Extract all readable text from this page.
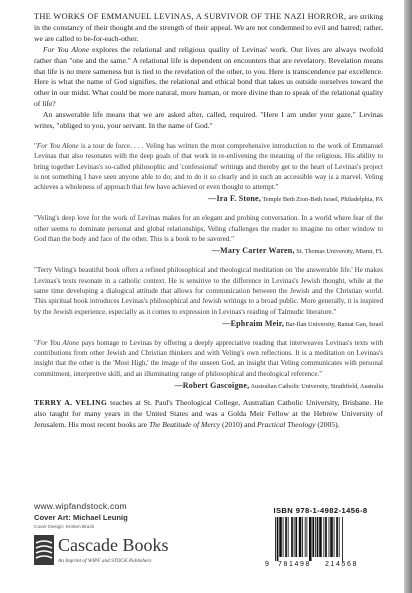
THE WORKS OF EMMANUEL LEVINAS, A SURVIVOR OF THE NAZI HORROR, are striking in the constancy of their thought and the strength of their appeal. We are not condemned to evil and hatred; rather, we are called to be-for-each-other.

For You Alone explores the relational and religious quality of Levinas' work. Our lives are always twofold rather than "one and the same." A relational life is dependent on encounters that are revelatory. Revelation means that life is no mere sameness but is tied to the revelation of the other, to you. Here is transcendence par excellence. Here is what the name of God signifies, the relational and ethical bond that takes us outside ourselves toward the other in our midst. What could be more natural, more human, or more divine than to speak of the relational quality of life?

An answerable life means that we are asked after, called, required. "Here I am under your gaze," Levinas writes, "obliged to you, your servant. In the name of God."

"For You Alone is a tour de force. . . . Veling has written the most comprehensive introduction to the work of Emmanuel Levinas that also resonates with the deep goals of that work in re-enlivening the meaning of the religious. His ability to bring together Levinas's so-called philosophic and 'confessional' writings and thereby get to the heart of Levinas's project is not something I have seen anyone able to do; and to do it so clearly and in such an accessible way is a marvel. Veling achieves a wholeness of approach that few have achieved or even thought to attempt."

—Ira F. Stone, Temple Beth Zion-Beth Israel, Philadelphia, PA

"Veling's deep love for the work of Levinas makes for an elegant and probing conversation. In a world where fear of the other seems to dominate personal and global relationships, Veling challenges the reader to imagine no other window to God than the body and face of the other. This is a book to be savored."

—Mary Carter Waren, St. Thomas University, Miami, FL

"Terry Veling's beautiful book offers a refined philosophical and theological meditation on 'the answerable life.' He makes Levinas's texts resonate in a catholic context. He is sensitive to the difference in Levinas's Jewish thought, while at the same time developing a dialogical attitude that allows for communication between the Jewish and the Christian world. This spiritual book introduces Levinas's philosophical and Jewish writings to a broad public. More generally, it is inspired by the Jewish experience, especially as it comes to expression in Levinas's reading of Talmudic literature."

—Ephraim Meir, Bar-Ilan University, Ramat Gan, Israel

"For You Alone pays homage to Levinas by offering a deeply appreciative reading that interweaves Levinas's texts with contributions from other Jewish and Christian thinkers and with Veling's own reflections. It is a meditation on Levinas's insight that the other is the 'Most High,' the image of the unseen God, an insight that Veling communicates with personal commitment, interpretive skill, and an illuminating range of philosophical and theological reference."

—Robert Gascoigne, Australian Catholic University, Strathfield, Australia

TERRY A. VELING teaches at St. Paul's Theological College, Australian Catholic University, Brisbane. He also taught for many years in the United States and was a Golda Meir Fellow at the Hebrew University of Jerusalem. His most recent books are The Beatitude of Mercy (2010) and Practical Theology (2005).

www.wipfandstock.com
Cover Art: Michael Leunig
Cover Design: Kristen Brack
Cascade Books
An Imprint of WIPF and STOCK Publishers
ISBN 978-1-4982-1456-8
9 781498 214568
